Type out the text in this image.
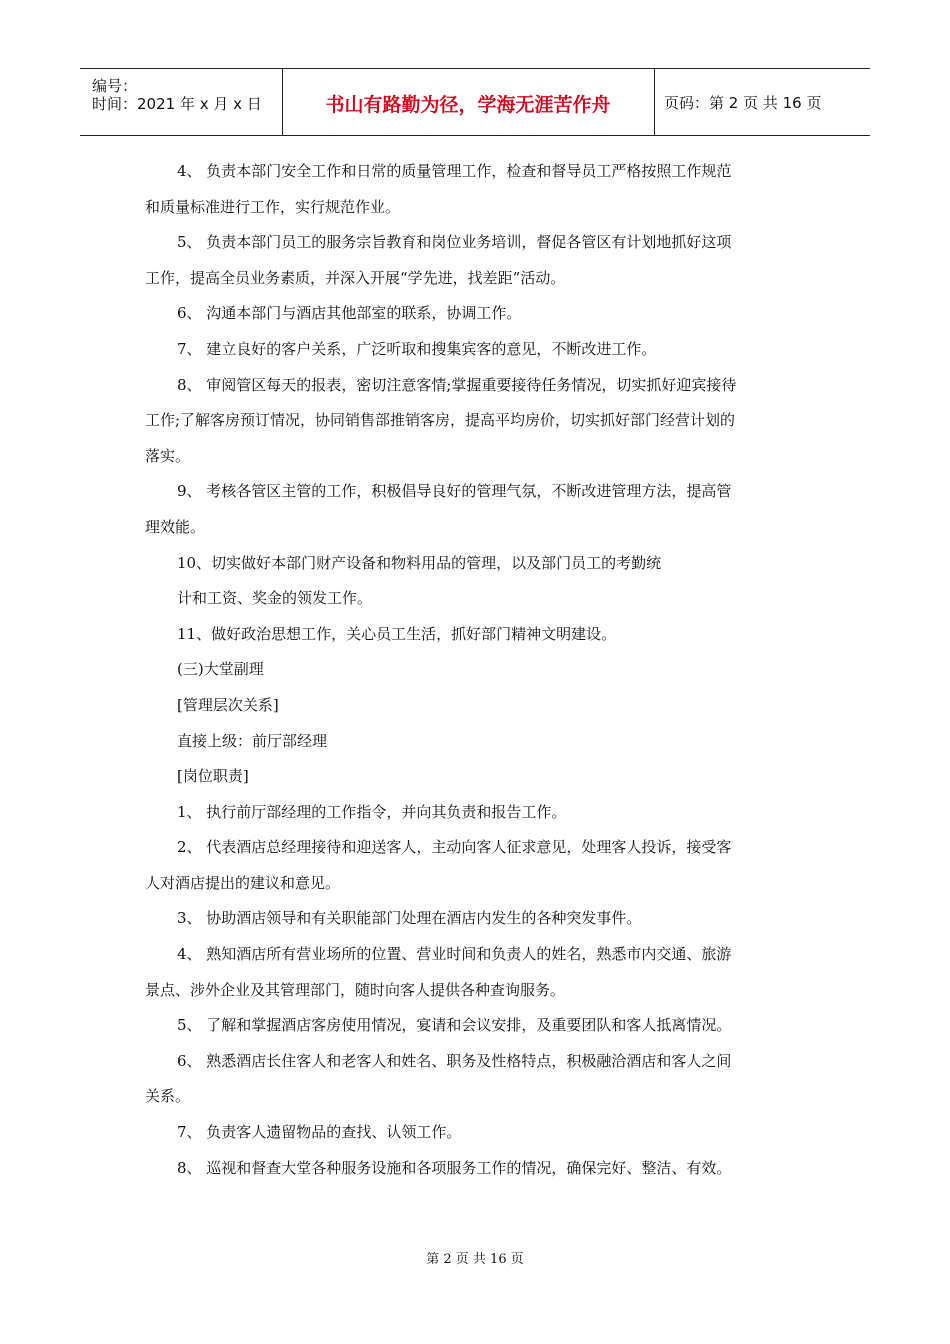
编号：
时间：2021 年 x 月 x 日	书山有路勤为径，学海无涯苦作舟	页码：第 2 页 共 16 页
4、 负责本部门安全工作和日常的质量管理工作，检查和督导员工严格按照工作规范
和质量标准进行工作，实行规范作业。
5、 负责本部门员工的服务宗旨教育和岗位业务培训，督促各管区有计划地抓好这项
工作，提高全员业务素质，并深入开展“学先进，找差距”活动。
6、 沟通本部门与酒店其他部室的联系，协调工作。
7、 建立良好的客户关系，广泛听取和搜集宾客的意见，不断改进工作。
8、 审阅管区每天的报表，密切注意客情;掌握重要接待任务情况，切实抓好迎宾接待
工作;了解客房预订情况，协同销售部推销客房，提高平均房价，切实抓好部门经营计划的
落实。
9、 考核各管区主管的工作，积极倡导良好的管理气氛，不断改进管理方法，提高管
理效能。
10、切实做好本部门财产设备和物料用品的管理，以及部门员工的考勤统
计和工资、奖金的领发工作。
11、做好政治思想工作，关心员工生活，抓好部门精神文明建设。
(三)大堂副理
[管理层次关系]
直接上级：前厅部经理
[岗位职责]
1、 执行前厅部经理的工作指令，并向其负责和报告工作。
2、 代表酒店总经理接待和迎送客人，主动向客人征求意见，处理客人投诉，接受客
人对酒店提出的建议和意见。
3、 协助酒店领导和有关职能部门处理在酒店内发生的各种突发事件。
4、 熟知酒店所有营业场所的位置、营业时间和负责人的姓名，熟悉市内交通、旅游
景点、涉外企业及其管理部门，随时向客人提供各种查询服务。
5、 了解和掌握酒店客房使用情况，宴请和会议安排，及重要团队和客人抵离情况。
6、 熟悉酒店长住客人和老客人和姓名、职务及性格特点，积极融洽酒店和客人之间
关系。
7、 负责客人遗留物品的查找、认领工作。
8、 巡视和督查大堂各种服务设施和各项服务工作的情况，确保完好、整洁、有效。
第 2 页 共 16 页
